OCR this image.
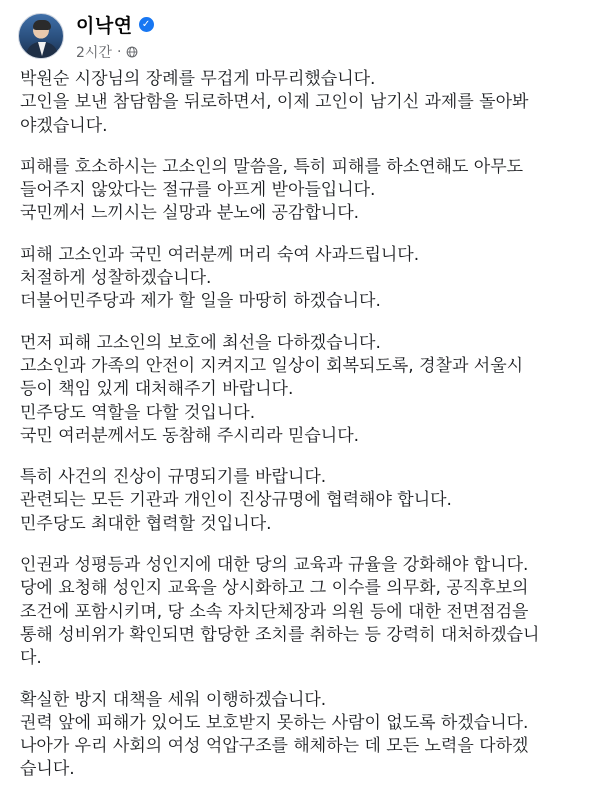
이낙연 ✓
2시간 ·
박원순 시장님의 장례를 무겁게 마무리했습니다.
고인을 보낸 참담함을 뒤로하면서, 이제 고인이 남기신 과제를 돌아봐
야겠습니다.
피해를 호소하시는 고소인의 말씀을, 특히 피해를 하소연해도 아무도
들어주지 않았다는 절규를 아프게 받아들입니다.
국민께서 느끼시는 실망과 분노에 공감합니다.
피해 고소인과 국민 여러분께 머리 숙여 사과드립니다.
처절하게 성찰하겠습니다.
더불어민주당과 제가 할 일을 마땅히 하겠습니다.
먼저 피해 고소인의 보호에 최선을 다하겠습니다.
고소인과 가족의 안전이 지켜지고 일상이 회복되도록, 경찰과 서울시
등이 책임 있게 대처해주기 바랍니다.
민주당도 역할을 다할 것입니다.
국민 여러분께서도 동참해 주시리라 믿습니다.
특히 사건의 진상이 규명되기를 바랍니다.
관련되는 모든 기관과 개인이 진상규명에 협력해야 합니다.
민주당도 최대한 협력할 것입니다.
인권과 성평등과 성인지에 대한 당의 교육과 규율을 강화해야 합니다.
당에 요청해 성인지 교육을 상시화하고 그 이수를 의무화, 공직후보의
조건에 포함시키며, 당 소속 자치단체장과 의원 등에 대한 전면점검을
통해 성비위가 확인되면 합당한 조치를 취하는 등 강력히 대처하겠습니
다.
확실한 방지 대책을 세워 이행하겠습니다.
권력 앞에 피해가 있어도 보호받지 못하는 사람이 없도록 하겠습니다.
나아가 우리 사회의 여성 억압구조를 해체하는 데 모든 노력을 다하겠
습니다.
